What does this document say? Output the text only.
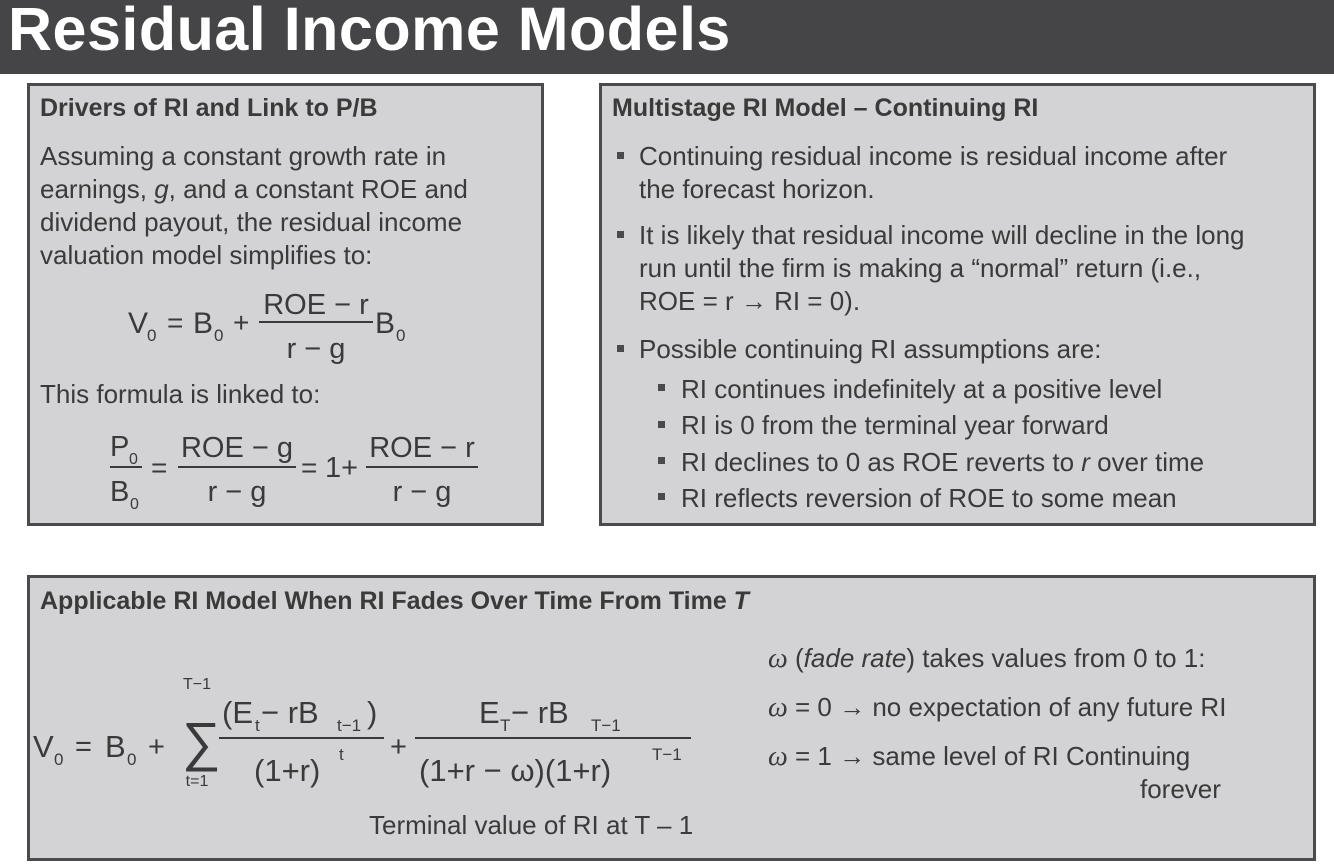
Residual Income Models
Drivers of RI and Link to P/B
Assuming a constant growth rate in
earnings, g, and a constant ROE and
dividend payout, the residual income
valuation model simplifies to:
V
0 = B 0 +
ROE − r
r − g
B 0
This formula is linked to:
P 0
B 0
=
ROE − g
r − g
= 1+
ROE − r
r − g
Multistage RI Model – Continuing RI
Continuing residual income is residual income after
the forecast horizon.
It is likely that residual income will decline in the long
run until the firm is making a “normal” return (i.e.,
ROE = r → RI = 0).
Possible continuing RI assumptions are:
RI continues indefinitely at a positive level
RI is 0 from the terminal year forward
RI declines to 0 as ROE reverts to r over time
RI reflects reversion of ROE to some mean
Applicable RI Model When RI Fades Over Time From Time T
V 0 = B 0 +
T−1
∑
t=1
(E t − rB t−1 )
(1+r) t +
E T − rB T−1
(1+r − ω)(1+r) T−1
Terminal value of RI at T – 1
ω (fade rate) takes values from 0 to 1:
ω = 0 → no expectation of any future RI
ω = 1 → same level of RI Continuing
forever
